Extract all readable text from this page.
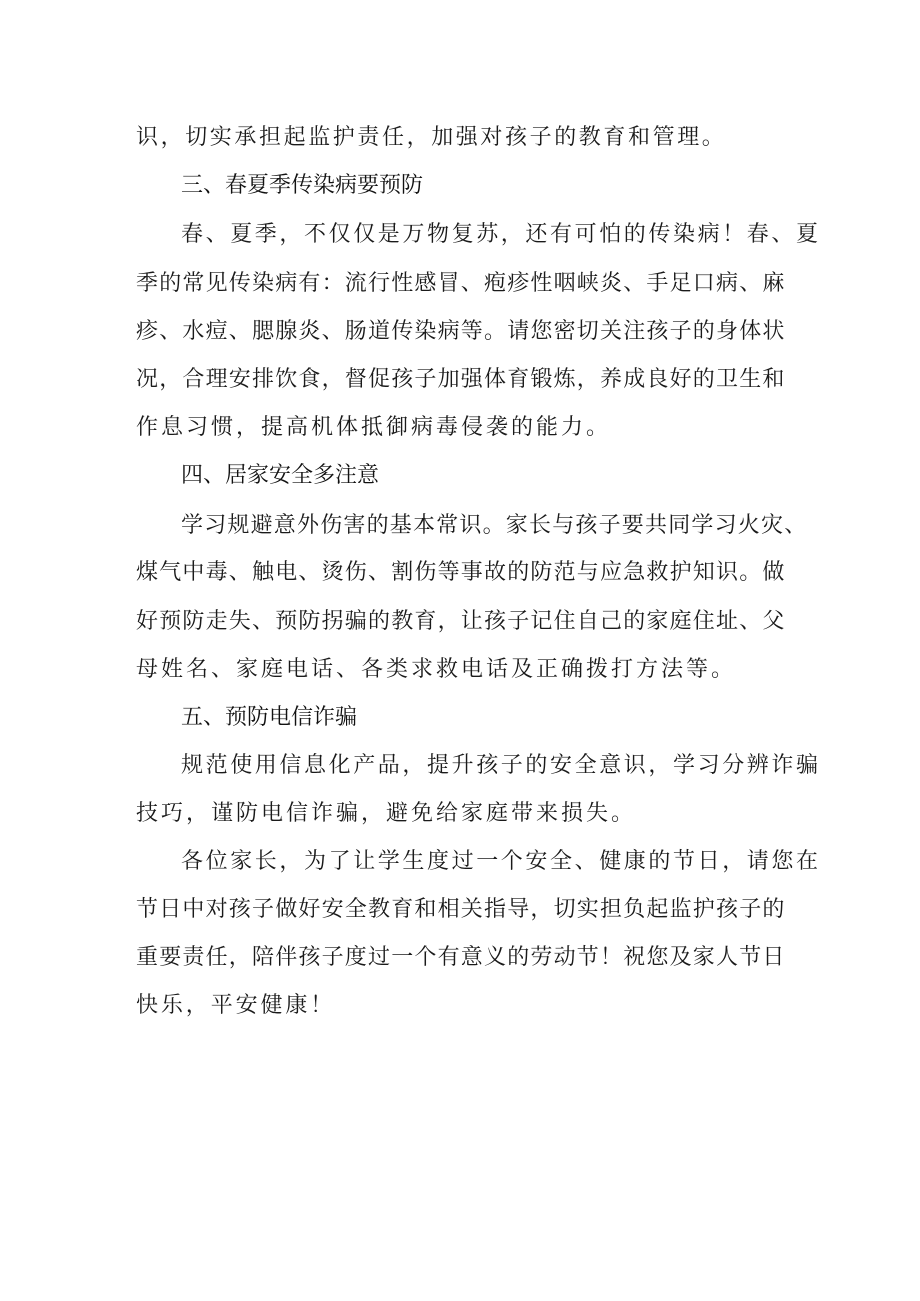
识，切实承担起监护责任，加强对孩子的教育和管理。

三、春夏季传染病要预防

春、夏季，不仅仅是万物复苏，还有可怕的传染病！春、夏

季的常见传染病有：流行性感冒、疱疹性咽峡炎、手足口病、麻

疹、水痘、腮腺炎、肠道传染病等。请您密切关注孩子的身体状

况，合理安排饮食，督促孩子加强体育锻炼，养成良好的卫生和

作息习惯，提高机体抵御病毒侵袭的能力。

四、居家安全多注意

学习规避意外伤害的基本常识。家长与孩子要共同学习火灾、

煤气中毒、触电、烫伤、割伤等事故的防范与应急救护知识。做

好预防走失、预防拐骗的教育，让孩子记住自己的家庭住址、父

母姓名、家庭电话、各类求救电话及正确拨打方法等。

五、预防电信诈骗

规范使用信息化产品，提升孩子的安全意识，学习分辨诈骗

技巧，谨防电信诈骗，避免给家庭带来损失。

各位家长，为了让学生度过一个安全、健康的节日，请您在

节日中对孩子做好安全教育和相关指导，切实担负起监护孩子的

重要责任，陪伴孩子度过一个有意义的劳动节！祝您及家人节日

快乐，平安健康！
